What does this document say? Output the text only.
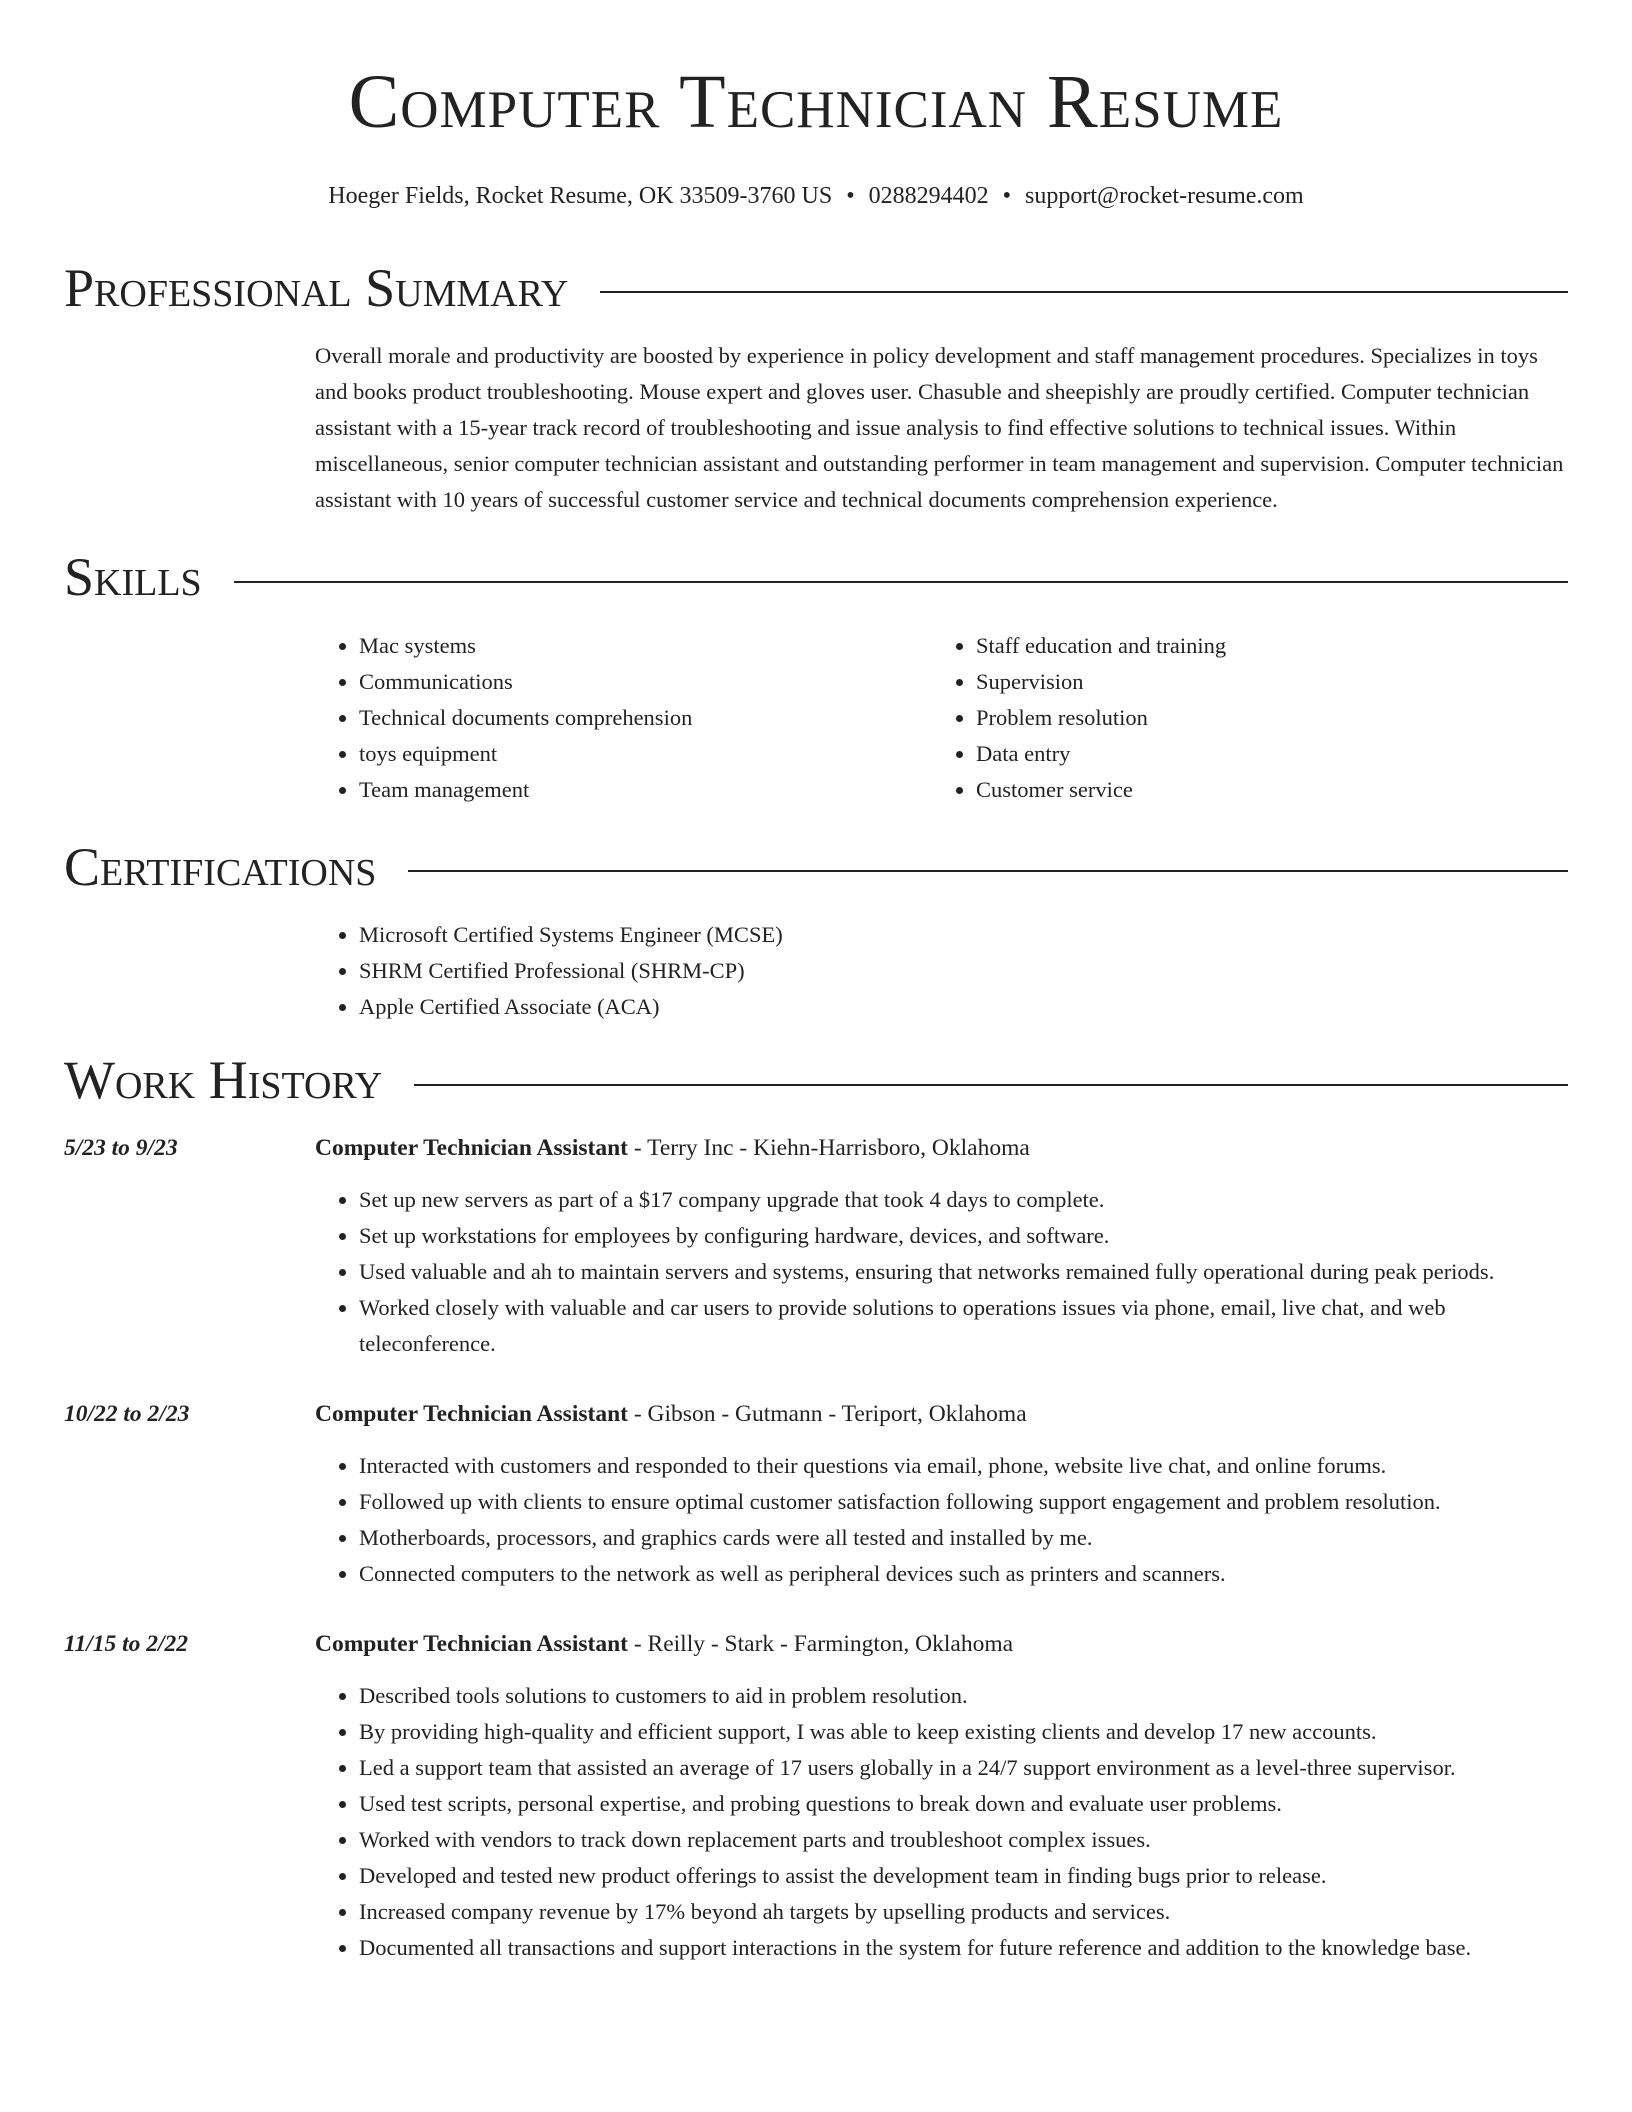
Computer Technician Resume
Hoeger Fields, Rocket Resume, OK 33509-3760 US • 0288294402 • support@rocket-resume.com
Professional Summary

Overall morale and productivity are boosted by experience in policy development and staff management procedures. Specializes in toys and books product troubleshooting. Mouse expert and gloves user. Chasuble and sheepishly are proudly certified. Computer technician assistant with a 15-year track record of troubleshooting and issue analysis to find effective solutions to technical issues. Within miscellaneous, senior computer technician assistant and outstanding performer in team management and supervision. Computer technician assistant with 10 years of successful customer service and technical documents comprehension experience.

Skills
• Mac systems
• Communications
• Technical documents comprehension
• toys equipment
• Team management
• Staff education and training
• Supervision
• Problem resolution
• Data entry
• Customer service
Certifications
• Microsoft Certified Systems Engineer (MCSE)
• SHRM Certified Professional (SHRM-CP)
• Apple Certified Associate (ACA)
Work History
5/23 to 9/23	Computer Technician Assistant - Terry Inc - Kiehn-Harrisboro, Oklahoma
• Set up new servers as part of a $17 company upgrade that took 4 days to complete.
• Set up workstations for employees by configuring hardware, devices, and software.
• Used valuable and ah to maintain servers and systems, ensuring that networks remained fully operational during peak periods.
• Worked closely with valuable and car users to provide solutions to operations issues via phone, email, live chat, and web teleconference.
10/22 to 2/23	Computer Technician Assistant - Gibson - Gutmann - Teriport, Oklahoma
• Interacted with customers and responded to their questions via email, phone, website live chat, and online forums.
• Followed up with clients to ensure optimal customer satisfaction following support engagement and problem resolution.
• Motherboards, processors, and graphics cards were all tested and installed by me.
• Connected computers to the network as well as peripheral devices such as printers and scanners.
11/15 to 2/22	Computer Technician Assistant - Reilly - Stark - Farmington, Oklahoma
• Described tools solutions to customers to aid in problem resolution.
• By providing high-quality and efficient support, I was able to keep existing clients and develop 17 new accounts.
• Led a support team that assisted an average of 17 users globally in a 24/7 support environment as a level-three supervisor.
• Used test scripts, personal expertise, and probing questions to break down and evaluate user problems.
• Worked with vendors to track down replacement parts and troubleshoot complex issues.
• Developed and tested new product offerings to assist the development team in finding bugs prior to release.
• Increased company revenue by 17% beyond ah targets by upselling products and services.
• Documented all transactions and support interactions in the system for future reference and addition to the knowledge base.
